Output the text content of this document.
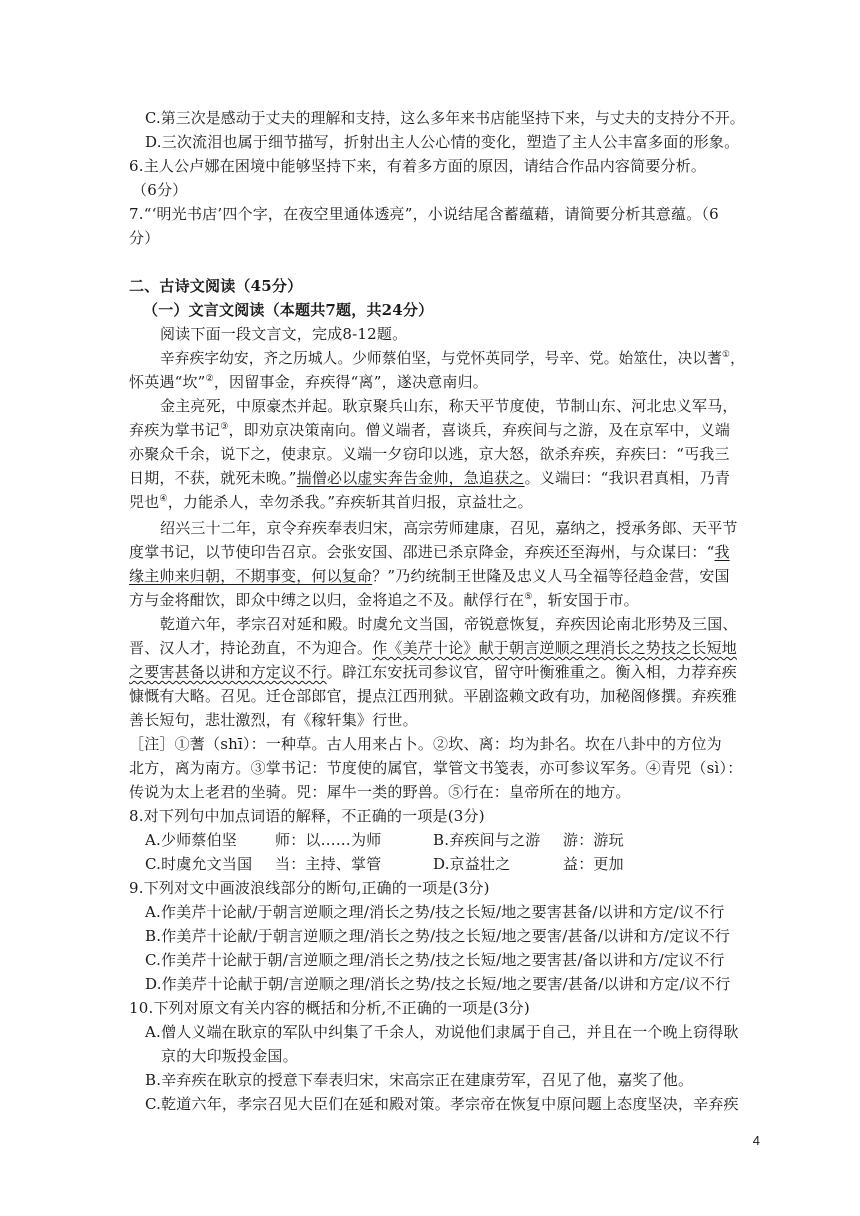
C.第三次是感动于丈夫的理解和支持，这么多年来书店能坚持下来，与丈夫的支持分不开。
D.三次流泪也属于细节描写，折射出主人公心情的变化，塑造了主人公丰富多面的形象。
6.主人公卢娜在困境中能够坚持下来，有着多方面的原因，请结合作品内容简要分析。
（6分）
7.“‘明光书店’四个字，在夜空里通体透亮”，小说结尾含蓄蕴藉，请简要分析其意蕴。（6
分）
二、古诗文阅读（45分）
（一）文言文阅读（本题共7题，共24分）
阅读下面一段文言文，完成8-12题。
辛弃疾字幼安，齐之历城人。少师蔡伯坚，与党怀英同学，号辛、党。始筮仕，决以蓍①，
怀英遇“坎”②，因留事金，弃疾得“离”，遂决意南归。
金主亮死，中原豪杰并起。耿京聚兵山东，称天平节度使，节制山东、河北忠义军马，
弃疾为掌书记③，即劝京决策南向。僧义端者，喜谈兵，弃疾间与之游，及在京军中，义端
亦聚众千余，说下之，使隶京。义端一夕窃印以逃，京大怒，欲杀弃疾，弃疾曰：“丐我三
日期，不获，就死未晚。”揣僧必以虚实奔告金帅，急追获之。义端曰：“我识君真相，乃青
兕也④，力能杀人，幸勿杀我。”弃疾斩其首归报，京益壮之。
绍兴三十二年，京令弃疾奉表归宋，高宗劳师建康，召见，嘉纳之，授承务郎、天平节
度掌书记，以节使印告召京。会张安国、邵进已杀京降金，弃疾还至海州，与众谋曰：“我
缘主帅来归朝，不期事变，何以复命？”乃约统制王世隆及忠义人马全福等径趋金营，安国
方与金将酣饮，即众中缚之以归，金将追之不及。献俘行在⑤，斩安国于市。
乾道六年，孝宗召对延和殿。时虞允文当国，帝锐意恢复，弃疾因论南北形势及三国、
晋、汉人才，持论劲直，不为迎合。作《美芹十论》献于朝言逆顺之理消长之势技之长短地
之要害甚备以讲和方定议不行。辟江东安抚司参议官，留守叶衡雅重之。衡入相，力荐弃疾
慷慨有大略。召见。迁仓部郎官，提点江西刑狱。平剧盗赖文政有功，加秘阁修撰。弃疾雅
善长短句，悲壮激烈，有《稼轩集》行世。
［注］①蓍（shī）：一种草。古人用来占卜。②坎、离：均为卦名。坎在八卦中的方位为
北方，离为南方。③掌书记：节度使的属官，掌管文书笺表，亦可参议军务。④青兕（sì）：
传说为太上老君的坐骑。兕：犀牛一类的野兽。⑤行在：皇帝所在的地方。
8.对下列句中加点词语的解释，不正确的一项是(3分)
A.少师蔡伯坚	师：以……为师	B.弃疾间与之游 游：游玩
C.时虞允文当国 当：主持、掌管	D.京益壮之	益：更加
9.下列对文中画波浪线部分的断句,正确的一项是(3分)
A.作美芹十论献/于朝言逆顺之理/消长之势/技之长短/地之要害甚备/以讲和方定/议不行
B.作美芹十论献/于朝言逆顺之理/消长之势/技之长短/地之要害/甚备/以讲和方/定议不行
C.作美芹十论献于朝/言逆顺之理/消长之势/技之长短/地之要害甚/备以讲和方/定议不行
D.作美芹十论献于朝/言逆顺之理/消长之势/技之长短/地之要害/甚备/以讲和方定/议不行
10.下列对原文有关内容的概括和分析,不正确的一项是(3分)
A.僧人义端在耿京的军队中纠集了千余人，劝说他们隶属于自己，并且在一个晚上窃得耿
京的大印叛投金国。
B.辛弃疾在耿京的授意下奉表归宋，宋高宗正在建康劳军，召见了他，嘉奖了他。
C.乾道六年，孝宗召见大臣们在延和殿对策。孝宗帝在恢复中原问题上态度坚决，辛弃疾
4
